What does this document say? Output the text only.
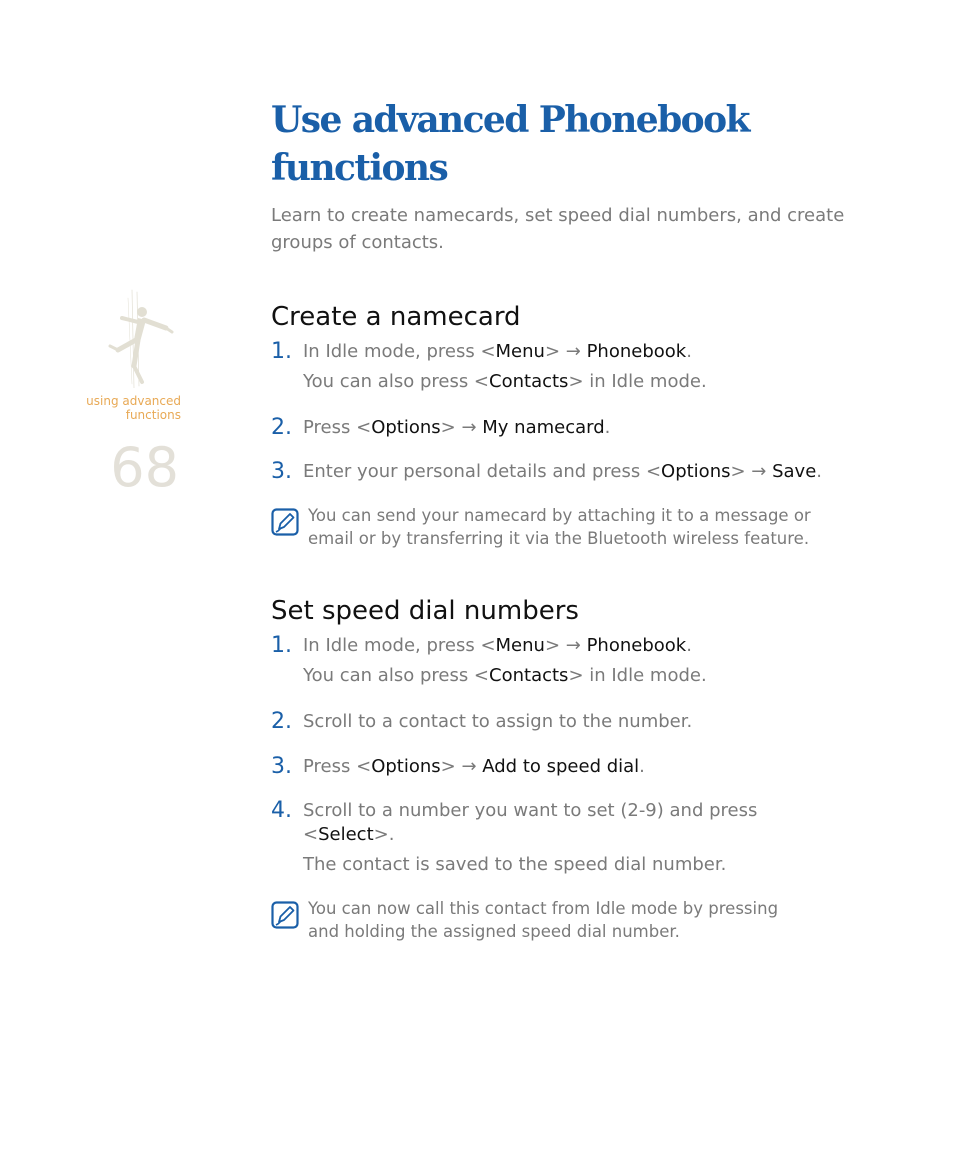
using advanced
functions
68
Use advanced Phonebook functions

Learn to create namecards, set speed dial numbers, and create groups of contacts.

Create a namecard
1. In Idle mode, press <Menu> → Phonebook.
You can also press <Contacts> in Idle mode.
2. Press <Options> → My namecard.
3. Enter your personal details and press <Options> → Save.
You can send your namecard by attaching it to a message or email or by transferring it via the Bluetooth wireless feature.
Set speed dial numbers
1. In Idle mode, press <Menu> → Phonebook.
You can also press <Contacts> in Idle mode.
2. Scroll to a contact to assign to the number.
3. Press <Options> → Add to speed dial.
4. Scroll to a number you want to set (2-9) and press <Select>.
The contact is saved to the speed dial number.
You can now call this contact from Idle mode by pressing and holding the assigned speed dial number.
